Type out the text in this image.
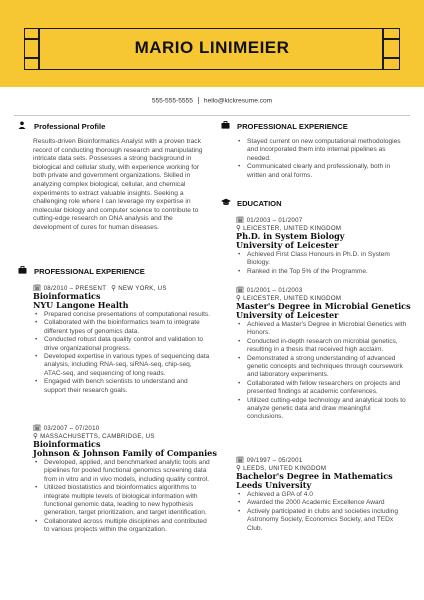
MARIO LINIMEIER
555-555-5555 hello@kickresume.com
Professional Profile
Results-driven Bioinformatics Analyst with a proven track record of conducting thorough research and manipulating intricate data sets. Possesses a strong background in biological and cellular study, with experience working for both private and government organizations. Skilled in analyzing complex biological, cellular, and chemical experiments to extract valuable insights. Seeking a challenging role where I can leverage my expertise in molecular biology and computer science to contribute to cutting-edge research on DNA analysis and the development of cures for human diseases.
PROFESSIONAL EXPERIENCE
🗓 08/2010 – PRESENT ⚲ NEW YORK, US
Bioinformatics
NYU Langone Health
• Prepared concise presentations of computational results.
• Collaborated with the bioinformatics team to integrate different types of genomics data.
• Conducted robust data quality control and validation to drive organizational progress.
• Developed expertise in various types of sequencing data analysis, including RNA-seq, siRNA-seq, chip-seq, ATAC-seq, and sequencing of long reads.
• Engaged with bench scientists to understand and support their research goals.
🗓 03/2007 – 07/2010
⚲ MASSACHUSETTS, CAMBRIDGE, US
Bioinformatics
Johnson & Johnson Family of Companies
• Developed, applied, and benchmarked analytic tools and pipelines for pooled functional genomics screening data from in vitro and in vivo models, including quality control.
• Utilized biostatistics and bioinformatics algorithms to integrate multiple levels of biological information with functional genomic data, leading to new hypothesis generation, target prioritization, and target identification.
• Collaborated across multiple disciplines and contributed to various projects within the organization.
PROFESSIONAL EXPERIENCE
• Stayed current on new computational methodologies and incorporated them into internal pipelines as needed.
• Communicated clearly and professionally, both in written and oral forms.
EDUCATION
🗓 01/2003 – 01/2007
⚲ LEICESTER, UNITED KINGDOM
Ph.D. in System Biology
University of Leicester
• Achieved First Class Honours in Ph.D. in System Biology.
• Ranked in the Top 5% of the Programme.
🗓 01/2001 – 01/2003
⚲ LEICESTER, UNITED KINGDOM
Master's Degree in Microbial Genetics
University of Leicester
• Achieved a Master's Degree in Microbial Genetics with Honors.
• Conducted in-depth research on microbial genetics, resulting in a thesis that received high acclaim.
• Demonstrated a strong understanding of advanced genetic concepts and techniques through coursework and laboratory experiments.
• Collaborated with fellow researchers on projects and presented findings at academic conferences.
• Utilized cutting-edge technology and analytical tools to analyze genetic data and draw meaningful conclusions.
🗓 09/1997 – 05/2001
⚲ LEEDS, UNITED KINGDOM
Bachelor's Degree in Mathematics
Leeds University
• Achieved a GPA of 4.0
• Awarded the 2000 Academic Excellence Award
• Actively participated in clubs and societies including Astronomy Society, Economics Society, and TEDx Club.
